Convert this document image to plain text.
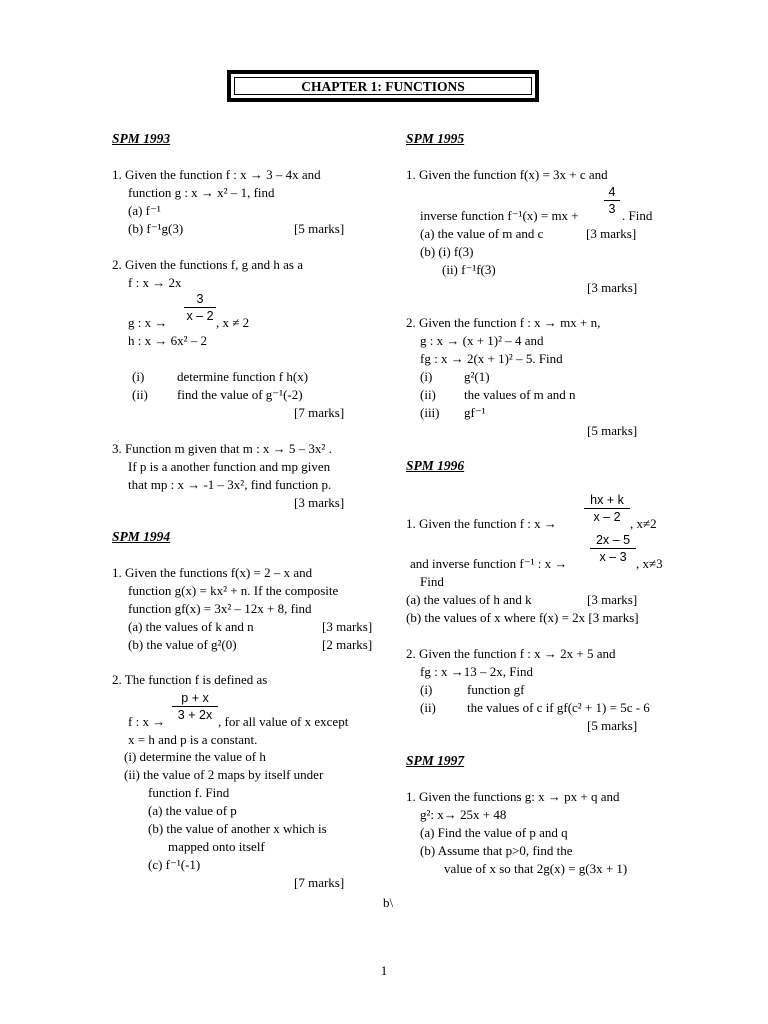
CHAPTER 1: FUNCTIONS
SPM 1993
1. Given the function f : x → 3 – 4x and
function g : x → x² – 1, find
(a) f⁻¹
(b) f⁻¹g(3)	[5 marks]
2. Given the functions f, g and h as a
f : x → 2x
g : $x \to \frac{3}{x - 2}$ , x ≠ 2
h : x → 6x² – 2
(i)	determine function f h(x)
(ii) find the value of g⁻¹(-2)
[7 marks]
3. Function m given that m : x → 5 – 3x² .
If p is a another function and mp given
that mp : x → -1 – 3x², find function p.
[3 marks]
SPM 1994
1. Given the functions f(x) = 2 – x and
function g(x) = kx² + n. If the composite
function gf(x) = 3x² – 12x + 8, find
(a) the values of k and n	[3 marks]
(b) the value of g²(0)	[2 marks]
2. The function f is defined as
f : $x \to \frac{p + x}{3 + 2x}$ , for all value of x except
x = h and p is a constant.
(i) determine the value of h
(ii) the value of 2 maps by itself under
function f. Find
(a) the value of p
(b) the value of another x which is
mapped onto itself
(c) f⁻¹(-1)
[7 marks]
SPM 1995
1. Given the function f(x) = 3x + c and
$\frac{4}{3}$
inverse function f⁻¹(x) = mx +	. Find
(a) the value of m and c	[3 marks]
(b) (i) f(3)
(ii) f⁻¹f(3)
[3 marks]
2. Given the function f : x → mx + n,
g : x → (x + 1)² – 4 and
fg : x → 2(x + 1)² – 5. Find
(i) g²(1)
(ii) the values of m and n
(iii) gf⁻¹
[5 marks]
SPM 1996
$\frac{hx + k}{x - 2}$
1. Given the function f : x →	, x≠2
$\frac{2x - 5}{x - 3}$
and inverse function f⁻¹ : x →	, x≠3
Find
(a) the values of h and k	[3 marks]
(b) the values of x where f(x) = 2x [3 marks]
2. Given the function f : x → 2x + 5 and
fg : x →13 – 2x, Find
(i)	function gf
(ii) the values of c if gf(c² + 1) = 5c - 6
[5 marks]
SPM 1997
1. Given the functions g: x → px + q and
g²: x→ 25x + 48
(a) Find the value of p and q
(b) Assume that p>0, find the
value of x so that 2g(x) = g(3x + 1)
b\
1
